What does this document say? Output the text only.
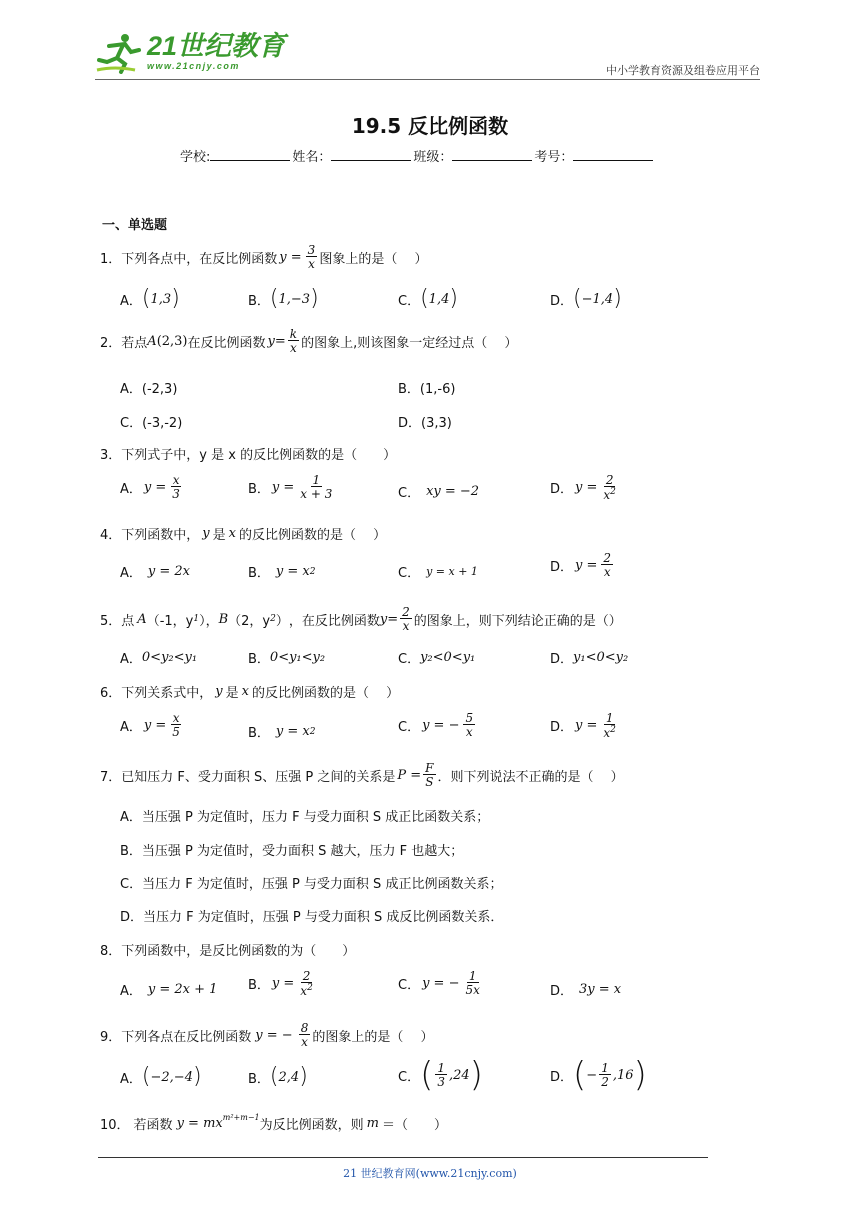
21世纪教育
www.21cnjy.com	中小学教育资源及组卷应用平台
19.5 反比例函数
学校:	姓名：	班级：	考号：
一、单选题
1． 下列各点中，在反比例函数 $y = \frac{3}{x}$ 图象上的是（　 ）
A． ( 1,3 )	B． ( 1,−3 )	C． ( 1,4 )	D． ( −1,4 )
2． 若点 A (2,3) 在反比例函数 $y= \frac{k}{x}$ 的图象上,则该图象一定经过点（　 ）
A．(-2,3)	B．(1,-6)
C．(-3,-2)	D．(3,3)
3． 下列式子中，y 是 x 的反比例函数的是（　　）
A． $y = \frac{x}{3}$	B． $y = \frac{1}{x + 3}$	C． xy = −2	D． $y = \frac{2}{x^2}$
4． 下列函数中， y 是 x 的反比例函数的是（　 ）
A． y = 2x	B． y = x 2	C． y = x + 1	D． $y = \frac{2}{x}$
5． 点 A （-1，y 1 ）， B （2，y 2 ） ，在反比例函数 $y= \frac{2}{x}$ 的图象上，则下列结论正确的是（）
A． 0<y₂<y₁	B． 0<y₁<y₂	C． y₂<0<y₁	D． y₁<0<y₂
6． 下列关系式中， y 是 x 的反比例函数的是（　 ）
A． $y = \frac{x}{5}$	B． y = x 2	C． y = − $\frac{5}{x}$	D． $y = \frac{1}{x^2}$
7． 已知压力 F、受力面积 S、压强 P 之间的关系是 $P = \frac{F}{S}$ ．则下列说法不正确的是（　 ）
A．当压强 P 为定值时，压力 F 与受力面积 S 成正比函数关系；
B．当压强 P 为定值时，受力面积 S 越大，压力 F 也越大；
C．当压力 F 为定值时，压强 P 与受力面积 S 成正比例函数关系；
D．当压力 F 为定值时，压强 P 与受力面积 S 成反比例函数关系．
8． 下列函数中，是反比例函数的为（　　）
A． y = 2x + 1 B． $y = \frac{2}{x^2}$	C． y = − $\frac{1}{5x}$	D． 3y = x
9． 下列各点在反比例函数 y = − $\frac{8}{x}$ 的图象上的是（　 ）
A． ( −2,−4 )	B． ( 2,4 )	C． ( $\frac{1}{3} ,24$ )	D． ( − $\frac{1}{2} ,16$ )
10． 若函数 $y = mx^{m^2+m-1}$
为反比例函数，则 m ＝（　　）
21 世纪教育网(www.21cnjy.com)
